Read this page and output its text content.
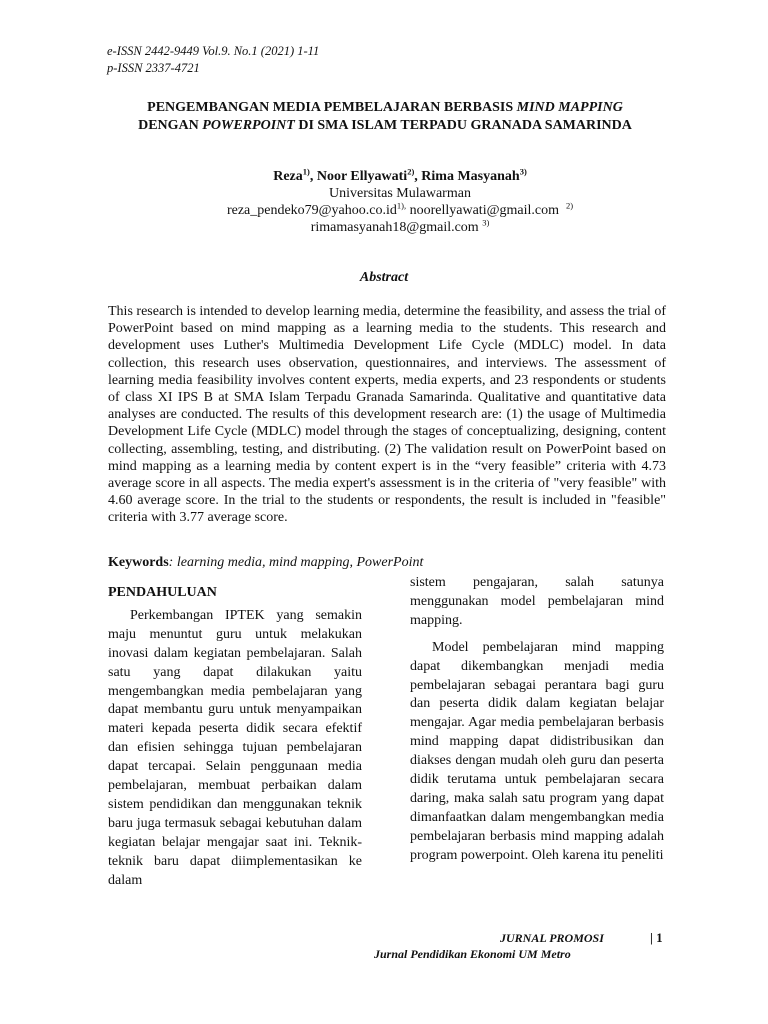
e-ISSN 2442-9449 Vol.9. No.1 (2021) 1-11
p-ISSN 2337-4721
PENGEMBANGAN MEDIA PEMBELAJARAN BERBASIS MIND MAPPING DENGAN POWERPOINT DI SMA ISLAM TERPADU GRANADA SAMARINDA
Reza$^{1)}$, Noor Ellyawati$^{2)}$, Rima Masyanah$^{3)}$
Universitas Mulawarman
$reza\_pendeko79@yahoo.co.id^{1),}$ noorellyawati@gmail.com $^{2)}$
rimamasyanah18@gmail.com $^{3)}$
Abstract
This research is intended to develop learning media, determine the feasibility, and assess the trial of PowerPoint based on mind mapping as a learning media to the students. This research and development uses Luther's Multimedia Development Life Cycle (MDLC) model. In data collection, this research uses observation, questionnaires, and interviews. The assessment of learning media feasibility involves content experts, media experts, and 23 respondents or students of class XI IPS B at SMA Islam Terpadu Granada Samarinda. Qualitative and quantitative data analyses are conducted. The results of this development research are: (1) the usage of Multimedia Development Life Cycle (MDLC) model through the stages of conceptualizing, designing, content collecting, assembling, testing, and distributing. (2) The validation result on PowerPoint based on mind mapping as a learning media by content expert is in the “very feasible” criteria with 4.73 average score in all aspects. The media expert's assessment is in the criteria of "very feasible" with 4.60 average score. In the trial to the students or respondents, the result is included in "feasible" criteria with 3.77 average score.
Keywords: learning media, mind mapping, PowerPoint
PENDAHULUAN

Perkembangan IPTEK yang semakin maju menuntut guru untuk melakukan inovasi dalam kegiatan pembelajaran. Salah satu yang dapat dilakukan yaitu mengembangkan media pembelajaran yang dapat membantu guru untuk menyampaikan materi kepada peserta didik secara efektif dan efisien sehingga tujuan pembelajaran dapat tercapai. Selain penggunaan media pembelajaran, membuat perbaikan dalam sistem pendidikan dan menggunakan teknik baru juga termasuk sebagai kebutuhan dalam kegiatan belajar mengajar saat ini. Teknik-teknik baru dapat diimplementasikan ke dalam

sistem pengajaran, salah satunya menggunakan model pembelajaran mind mapping.

Model pembelajaran mind mapping dapat dikembangkan menjadi media pembelajaran sebagai perantara bagi guru dan peserta didik dalam kegiatan belajar mengajar. Agar media pembelajaran berbasis mind mapping dapat didistribusikan dan diakses dengan mudah oleh guru dan peserta didik terutama untuk pembelajaran secara daring, maka salah satu program yang dapat dimanfaatkan dalam mengembangkan media pembelajaran berbasis mind mapping adalah program powerpoint. Oleh karena itu peneliti

JURNAL PROMOSI	| 1
Jurnal Pendidikan Ekonomi UM Metro
